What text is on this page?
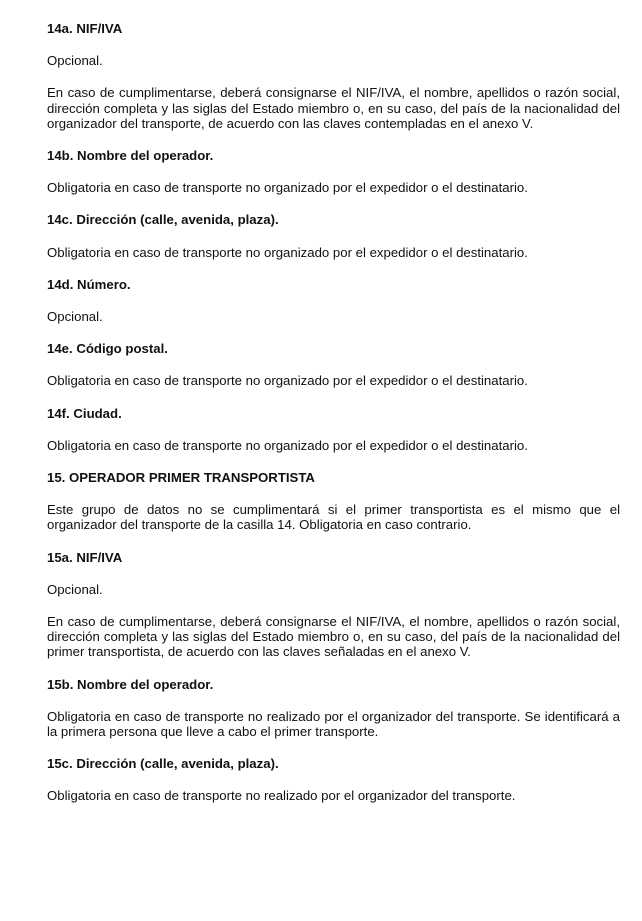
14a. NIF/IVA
Opcional.
En caso de cumplimentarse, deberá consignarse el NIF/IVA, el nombre, apellidos o razón social, dirección completa y las siglas del Estado miembro o, en su caso, del país de la nacionalidad del organizador del transporte, de acuerdo con las claves contempladas en el anexo V.
14b. Nombre del operador.
Obligatoria en caso de transporte no organizado por el expedidor o el destinatario.
14c. Dirección (calle, avenida, plaza).
Obligatoria en caso de transporte no organizado por el expedidor o el destinatario.
14d. Número.
Opcional.
14e. Código postal.
Obligatoria en caso de transporte no organizado por el expedidor o el destinatario.
14f. Ciudad.
Obligatoria en caso de transporte no organizado por el expedidor o el destinatario.
15. OPERADOR PRIMER TRANSPORTISTA
Este grupo de datos no se cumplimentará si el primer transportista es el mismo que el organizador del transporte de la casilla 14. Obligatoria en caso contrario.
15a. NIF/IVA
Opcional.
En caso de cumplimentarse, deberá consignarse el NIF/IVA, el nombre, apellidos o razón social, dirección completa y las siglas del Estado miembro o, en su caso, del país de la nacionalidad del primer transportista, de acuerdo con las claves señaladas en el anexo V.
15b. Nombre del operador.
Obligatoria en caso de transporte no realizado por el organizador del transporte. Se identificará a la primera persona que lleve a cabo el primer transporte.
15c. Dirección (calle, avenida, plaza).
Obligatoria en caso de transporte no realizado por el organizador del transporte.
